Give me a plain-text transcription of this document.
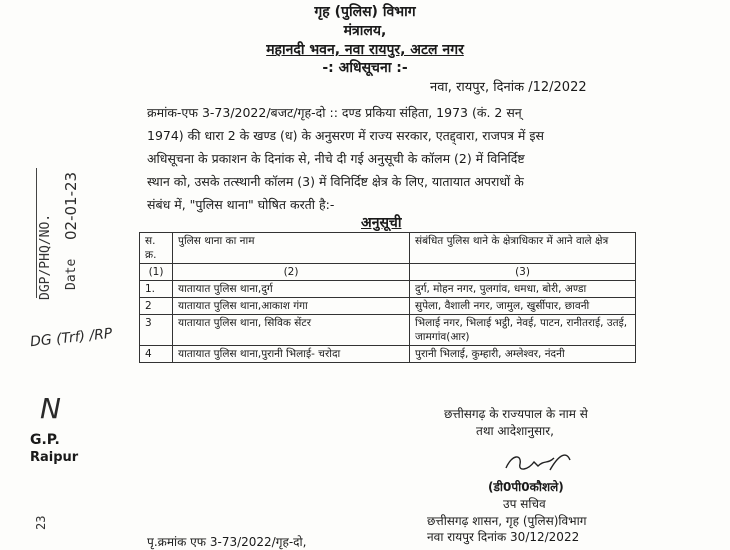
गृह (पुलिस) विभाग
मंत्रालय,
महानदी भवन, नवा रायपुर, अटल नगर
-: अधिसूचना :-
नवा, रायपुर, दिनांक /12/2022
क्रमांक-एफ 3-73/2022/बजट/गृह-दो :: दण्ड प्रकिया संहिता, 1973 (कं. 2 सन्
1974) की धारा 2 के खण्ड (ध) के अनुसरण में राज्य सरकार, एतद्द्वारा, राजपत्र में इस
अधिसूचना के प्रकाशन के दिनांक से, नीचे दी गई अनुसूची के कॉलम (2) में विनिर्दिष्ट
स्थान को, उसके तत्स्थानी कॉलम (3) में विनिर्दिष्ट क्षेत्र के लिए, यातायात अपराधों के
संबंध में, "पुलिस थाना" घोषित करती है:-
अनुसूची
स. क्र.	पुलिस थाना का नाम	संबंधित पुलिस थाने के क्षेत्राधिकार में आने वाले क्षेत्र
(1)	(2)	(3)
1.	यातायात पुलिस थाना,दुर्ग	दुर्ग, मोहन नगर, पुलगांव, धमधा, बोरी, अण्डा
2	यातायात पुलिस थाना,आकाश गंगा	सुपेला, वैशाली नगर, जामुल, खुर्सीपार, छावनी
3	यातायात पुलिस थाना, सिविक सेंटर	भिलाई नगर, भिलाई भट्ठी, नेवई, पाटन, रानीतराई, उतई, जामगांव(आर)
4	यातायात पुलिस थाना,पुरानी भिलाई- चरोदा	पुरानी भिलाई, कुम्हारी, अम्लेश्वर, नंदनी
छत्तीसगढ़ के राज्यपाल के नाम से
तथा आदेशानुसार,
(डी0पी0कौशले)
उप सचिव
छत्तीसगढ़ शासन, गृह (पुलिस)विभाग
नवा रायपुर दिनांक 30/12/2022
पृ.क्रमांक एफ 3-73/2022/गृह-दो,
DGP/PHQ/NO. Date
02-01-23
DG (Trf) /RP
N
G.P.
Raipur
23
